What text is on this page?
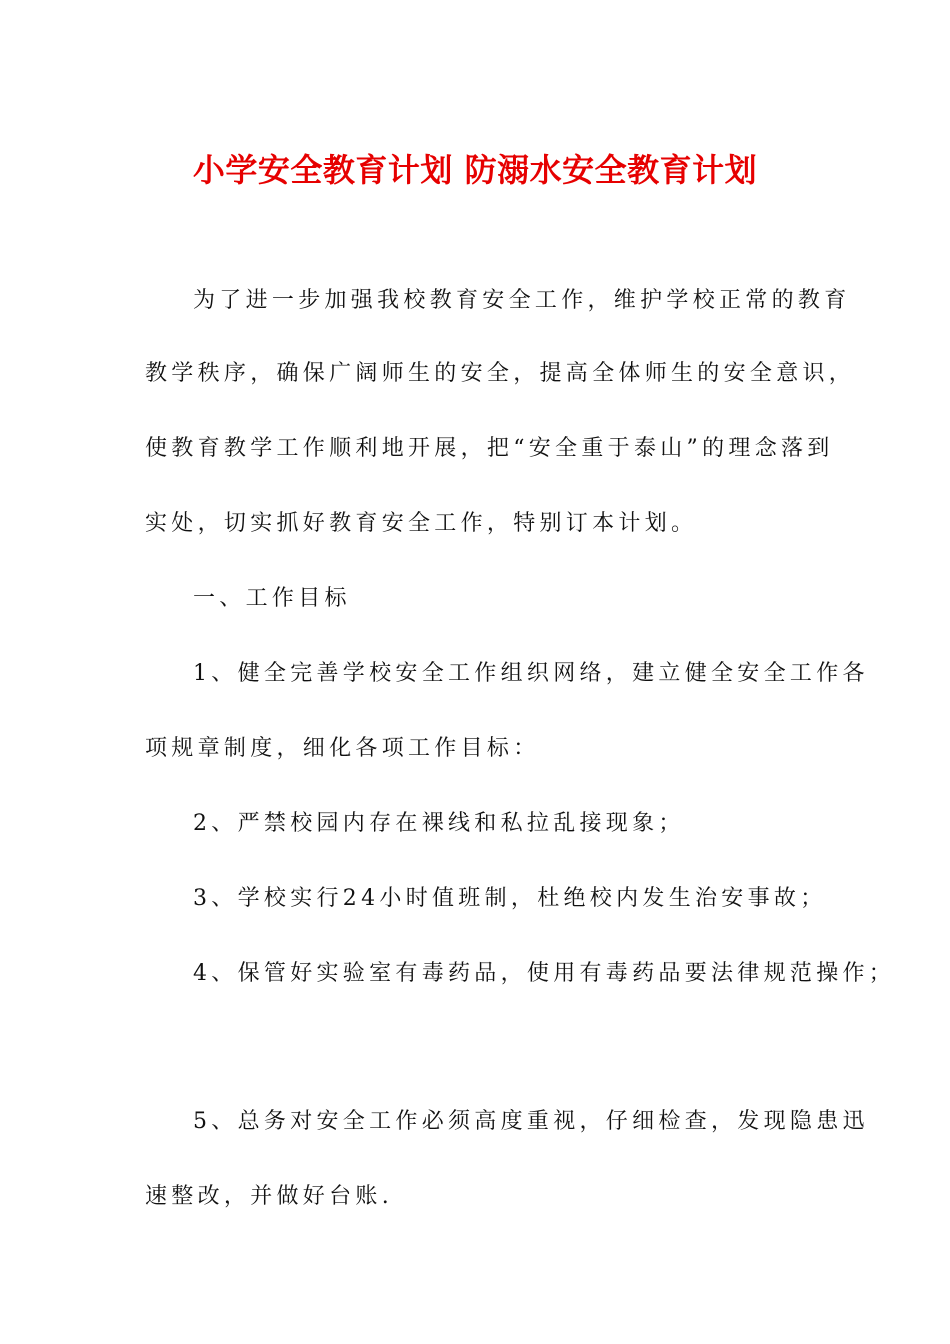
小学安全教育计划 防溺水安全教育计划
为了进一步加强我校教育安全工作，维护学校正常的教育
教学秩序，确保广阔师生的安全，提高全体师生的安全意识，
使教育教学工作顺利地开展，把“安全重于泰山”的理念落到
实处，切实抓好教育安全工作，特别订本计划。
一、工作目标
1、健全完善学校安全工作组织网络，建立健全安全工作各
项规章制度，细化各项工作目标：
2、严禁校园内存在裸线和私拉乱接现象；
3、学校实行24小时值班制，杜绝校内发生治安事故；
4、保管好实验室有毒药品，使用有毒药品要法律规范操作；
5、总务对安全工作必须高度重视，仔细检查，发现隐患迅
速整改，并做好台账.
